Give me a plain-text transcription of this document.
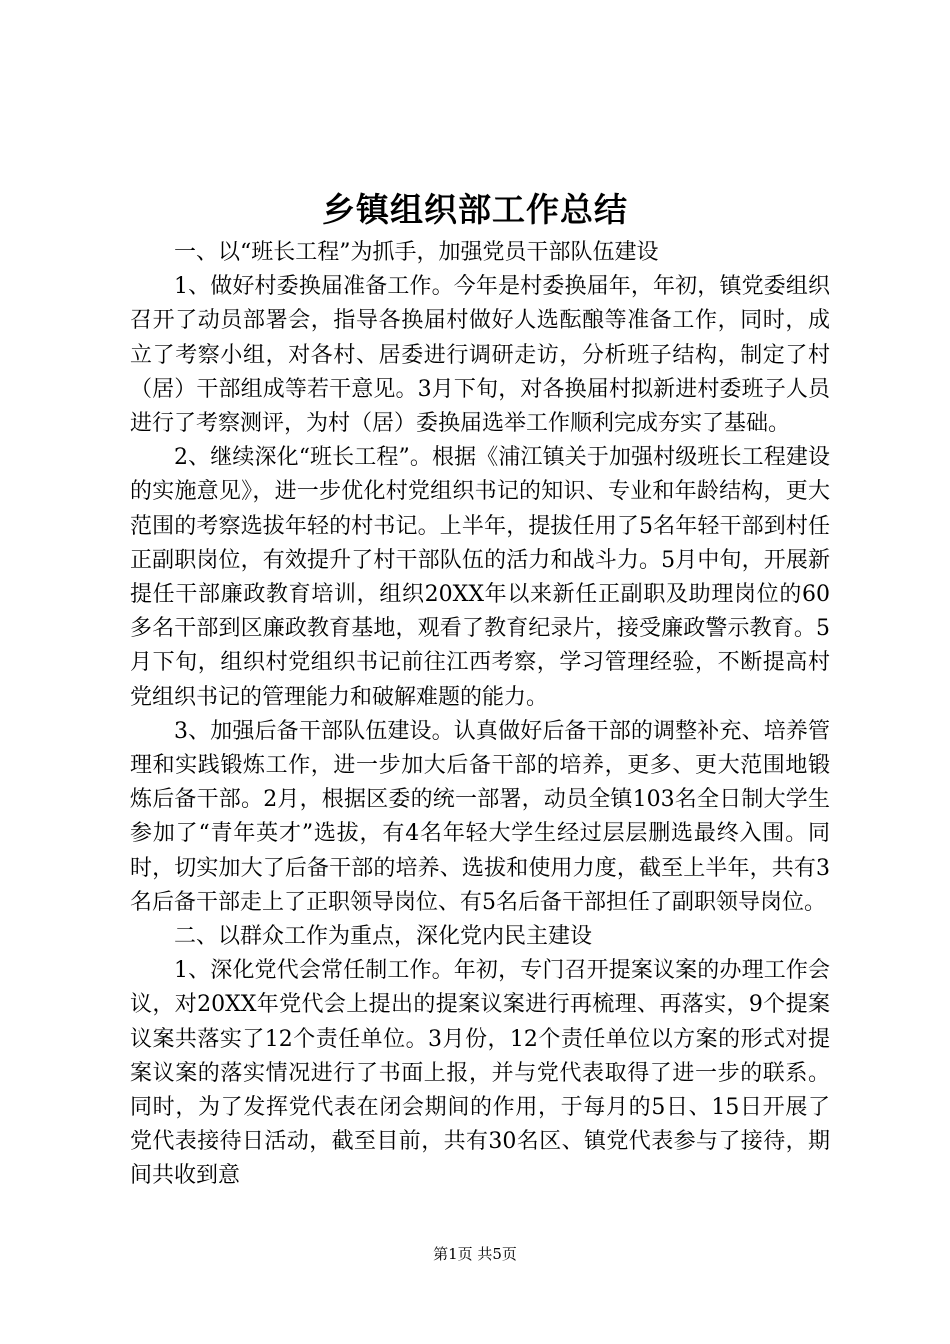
乡镇组织部工作总结

一、以“班长工程”为抓手，加强党员干部队伍建设

1、做好村委换届准备工作。今年是村委换届年，年初，镇党委组织召开了动员部署会，指导各换届村做好人选酝酿等准备工作，同时，成立了考察小组，对各村、居委进行调研走访，分析班子结构，制定了村（居）干部组成等若干意见。3月下旬，对各换届村拟新进村委班子人员进行了考察测评，为村（居）委换届选举工作顺利完成夯实了基础。

2、继续深化“班长工程”。根据《浦江镇关于加强村级班长工程建设的实施意见》，进一步优化村党组织书记的知识、专业和年龄结构，更大范围的考察选拔年轻的村书记。上半年，提拔任用了5名年轻干部到村任正副职岗位，有效提升了村干部队伍的活力和战斗力。5月中旬，开展新提任干部廉政教育培训，组织20XX年以来新任正副职及助理岗位的60多名干部到区廉政教育基地，观看了教育纪录片，接受廉政警示教育。5月下旬，组织村党组织书记前往江西考察，学习管理经验，不断提高村党组织书记的管理能力和破解难题的能力。

3、加强后备干部队伍建设。认真做好后备干部的调整补充、培养管理和实践锻炼工作，进一步加大后备干部的培养，更多、更大范围地锻炼后备干部。2月，根据区委的统一部署，动员全镇103名全日制大学生参加了“青年英才”选拔，有4名年轻大学生经过层层删选最终入围。同时，切实加大了后备干部的培养、选拔和使用力度，截至上半年，共有3名后备干部走上了正职领导岗位、有5名后备干部担任了副职领导岗位。

二、以群众工作为重点，深化党内民主建设

1、深化党代会常任制工作。年初，专门召开提案议案的办理工作会议，对20XX年党代会上提出的提案议案进行再梳理、再落实，9个提案议案共落实了12个责任单位。3月份，12个责任单位以方案的形式对提案议案的落实情况进行了书面上报，并与党代表取得了进一步的联系。同时，为了发挥党代表在闭会期间的作用，于每月的5日、15日开展了党代表接待日活动，截至目前，共有30名区、镇党代表参与了接待，期间共收到意

第1页 共5页
